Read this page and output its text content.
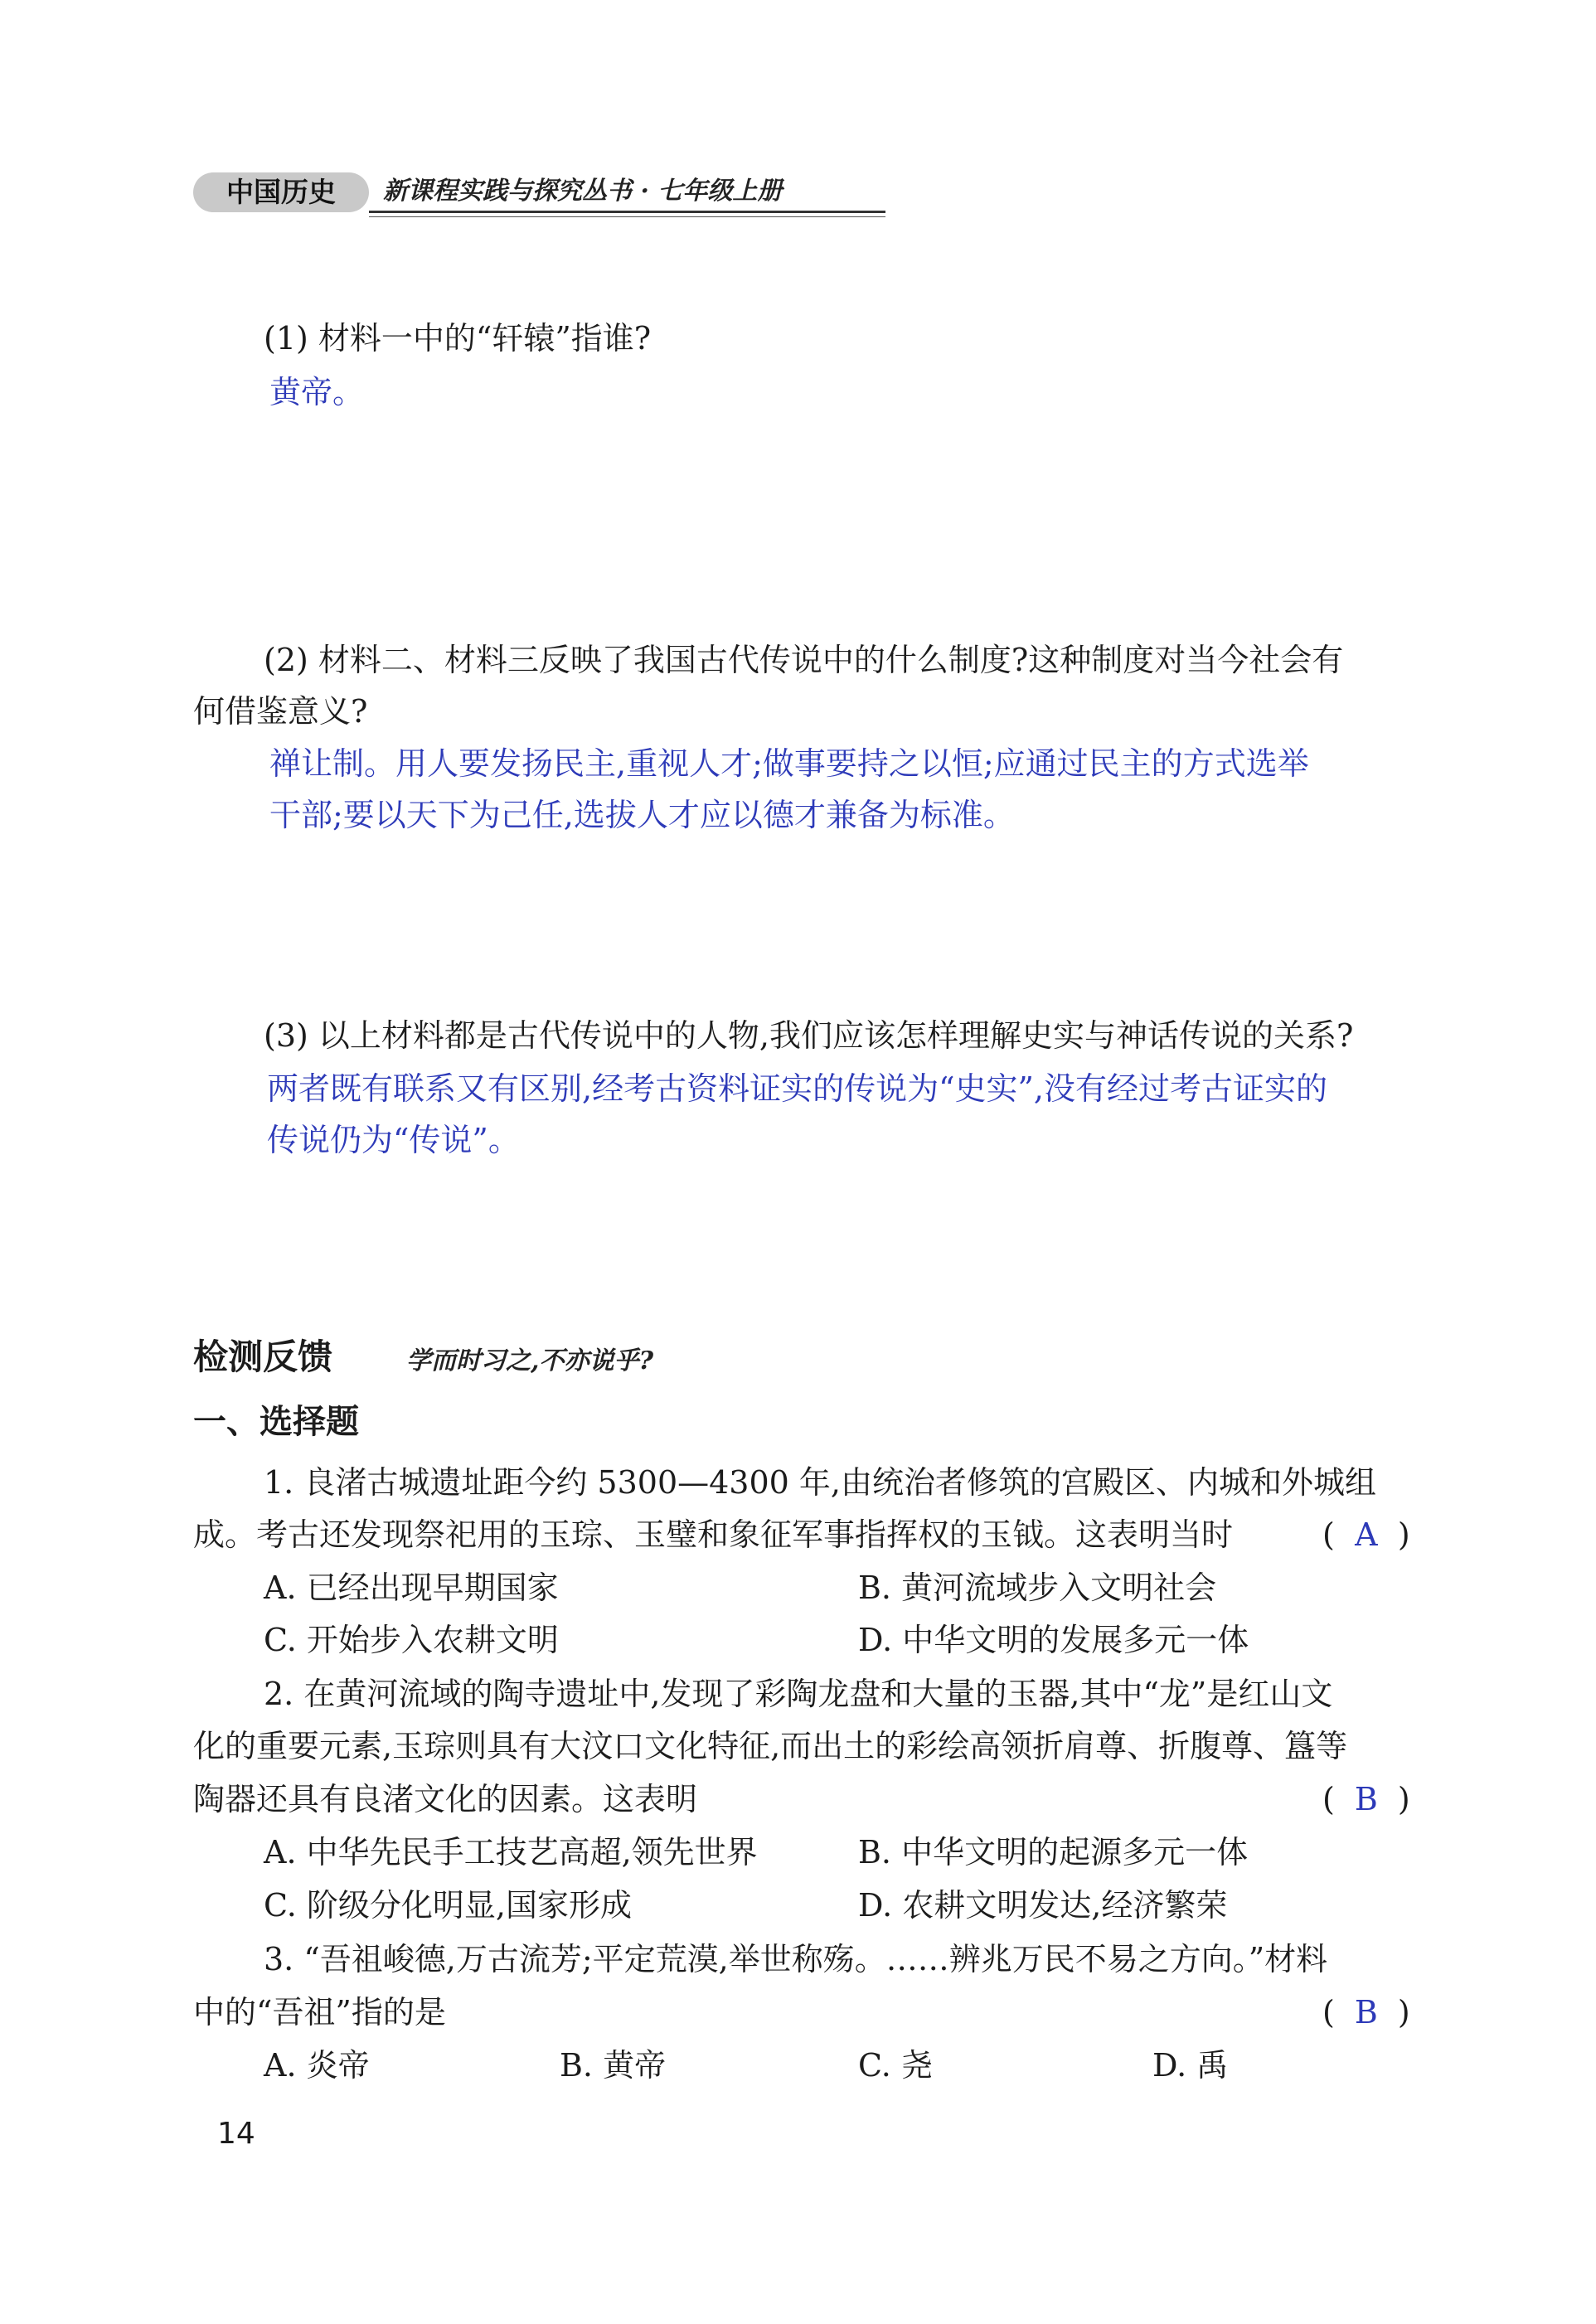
中国历史	新课程实践与探究丛书 · 七年级上册
(1) 材料一中的“轩辕”指谁?
黄帝。
(2) 材料二、材料三反映了我国古代传说中的什么制度?这种制度对当今社会有
何借鉴意义?
禅让制。用人要发扬民主,重视人才;做事要持之以恒;应通过民主的方式选举
干部;要以天下为己任,选拔人才应以德才兼备为标准。
(3) 以上材料都是古代传说中的人物,我们应该怎样理解史实与神话传说的关系?
两者既有联系又有区别,经考古资料证实的传说为“史实”,没有经过考古证实的
传说仍为“传说”。
检测反馈	学而时习之,不亦说乎?
一、选择题
1. 良渚古城遗址距今约 5300—4300 年,由统治者修筑的宫殿区、内城和外城组
成。考古还发现祭祀用的玉琮、玉璧和象征军事指挥权的玉钺。这表明当时	( A )
A. 已经出现早期国家	B. 黄河流域步入文明社会
C. 开始步入农耕文明	D. 中华文明的发展多元一体
2. 在黄河流域的陶寺遗址中,发现了彩陶龙盘和大量的玉器,其中“龙”是红山文
化的重要元素,玉琮则具有大汶口文化特征,而出土的彩绘高领折肩尊、折腹尊、簋等
陶器还具有良渚文化的因素。这表明	( B )
A. 中华先民手工技艺高超,领先世界	B. 中华文明的起源多元一体
C. 阶级分化明显,国家形成	D. 农耕文明发达,经济繁荣
3. “吾祖峻德,万古流芳;平定荒漠,举世称殇。……辨兆万民不易之方向。”材料
中的“吾祖”指的是	( B )
A. 炎帝	B. 黄帝	C. 尧	D. 禹
14
